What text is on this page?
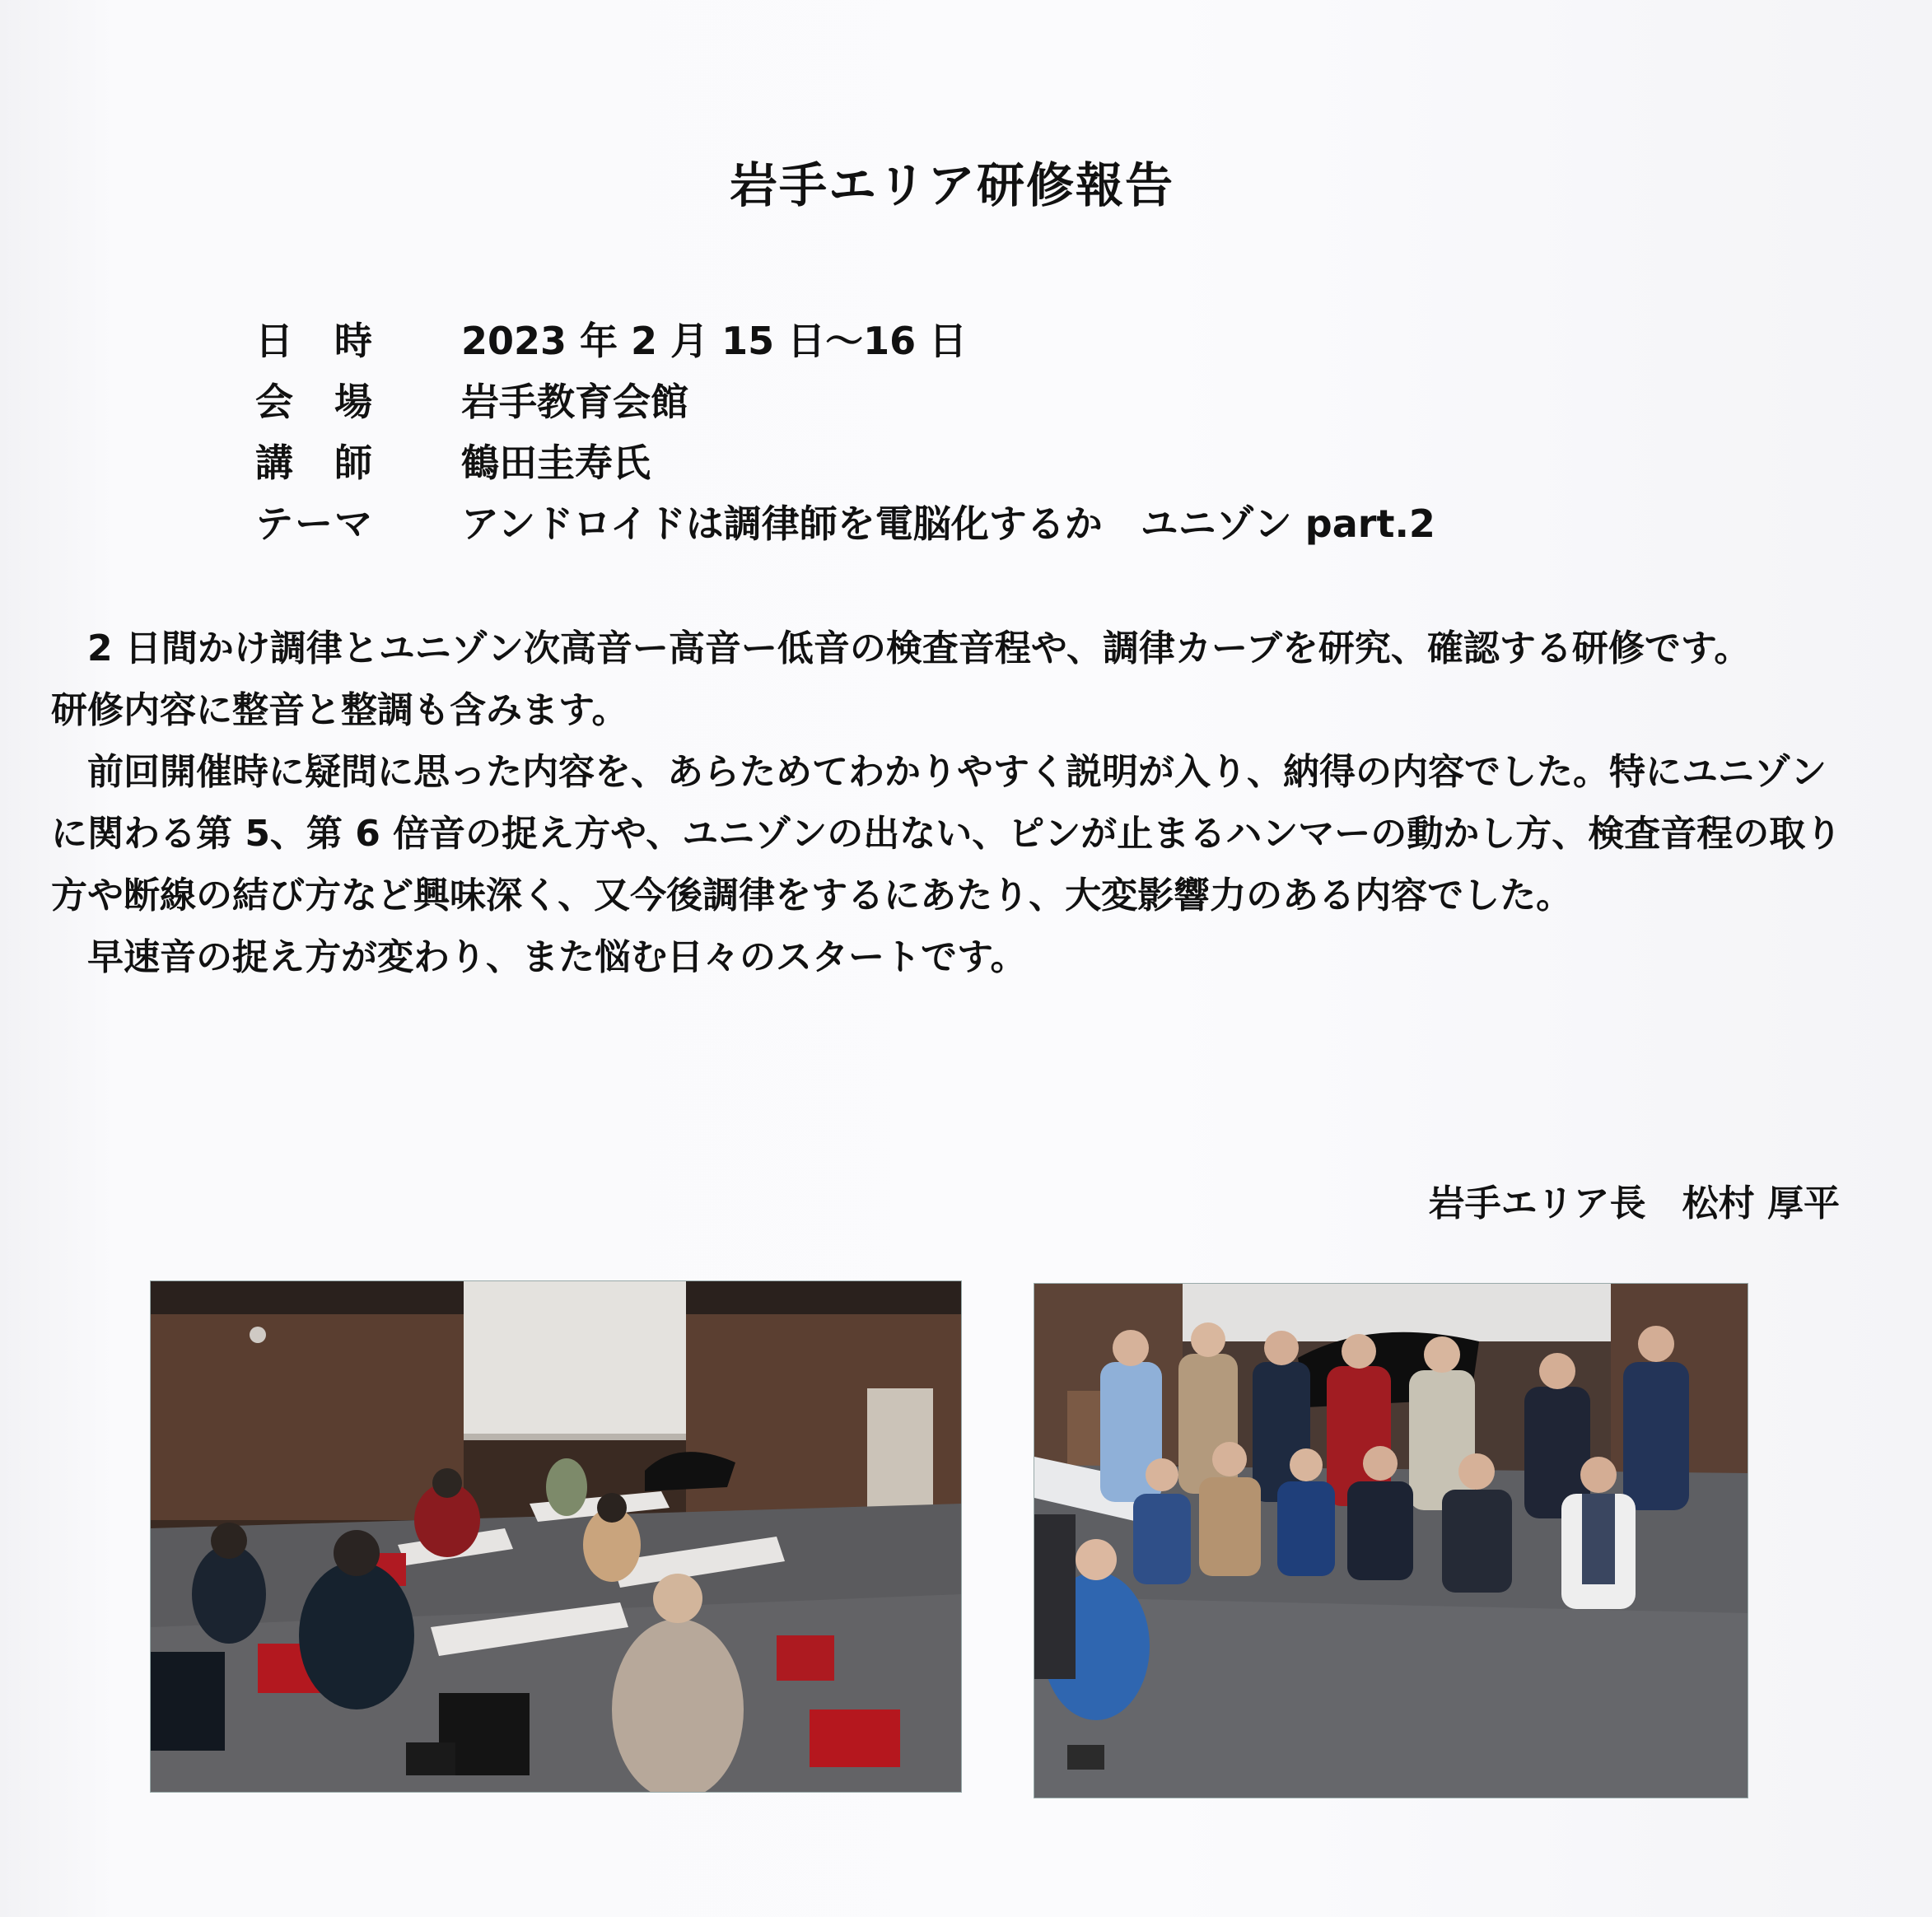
岩手エリア研修報告
日　時	2023 年 2 月 15 日～16 日
会　場	岩手教育会館
講　師	鶴田圭寿氏
テーマ	アンドロイドは調律師を電脳化するか　ユニゾン part.2

　2 日間かけ調律とユニゾン次高音ー高音ー低音の検査音程や、調律カーブを研究、確認する研修です。

研修内容に整音と整調も含みます。

　前回開催時に疑問に思った内容を、あらためてわかりやすく説明が入り、納得の内容でした。特にユニゾンに関わる第 5、第 6 倍音の捉え方や、ユニゾンの出ない、ピンが止まるハンマーの動かし方、検査音程の取り方や断線の結び方など興味深く、又今後調律をするにあたり、大変影響力のある内容でした。

　早速音の捉え方が変わり、また悩む日々のスタートです。

岩手エリア長　松村 厚平
